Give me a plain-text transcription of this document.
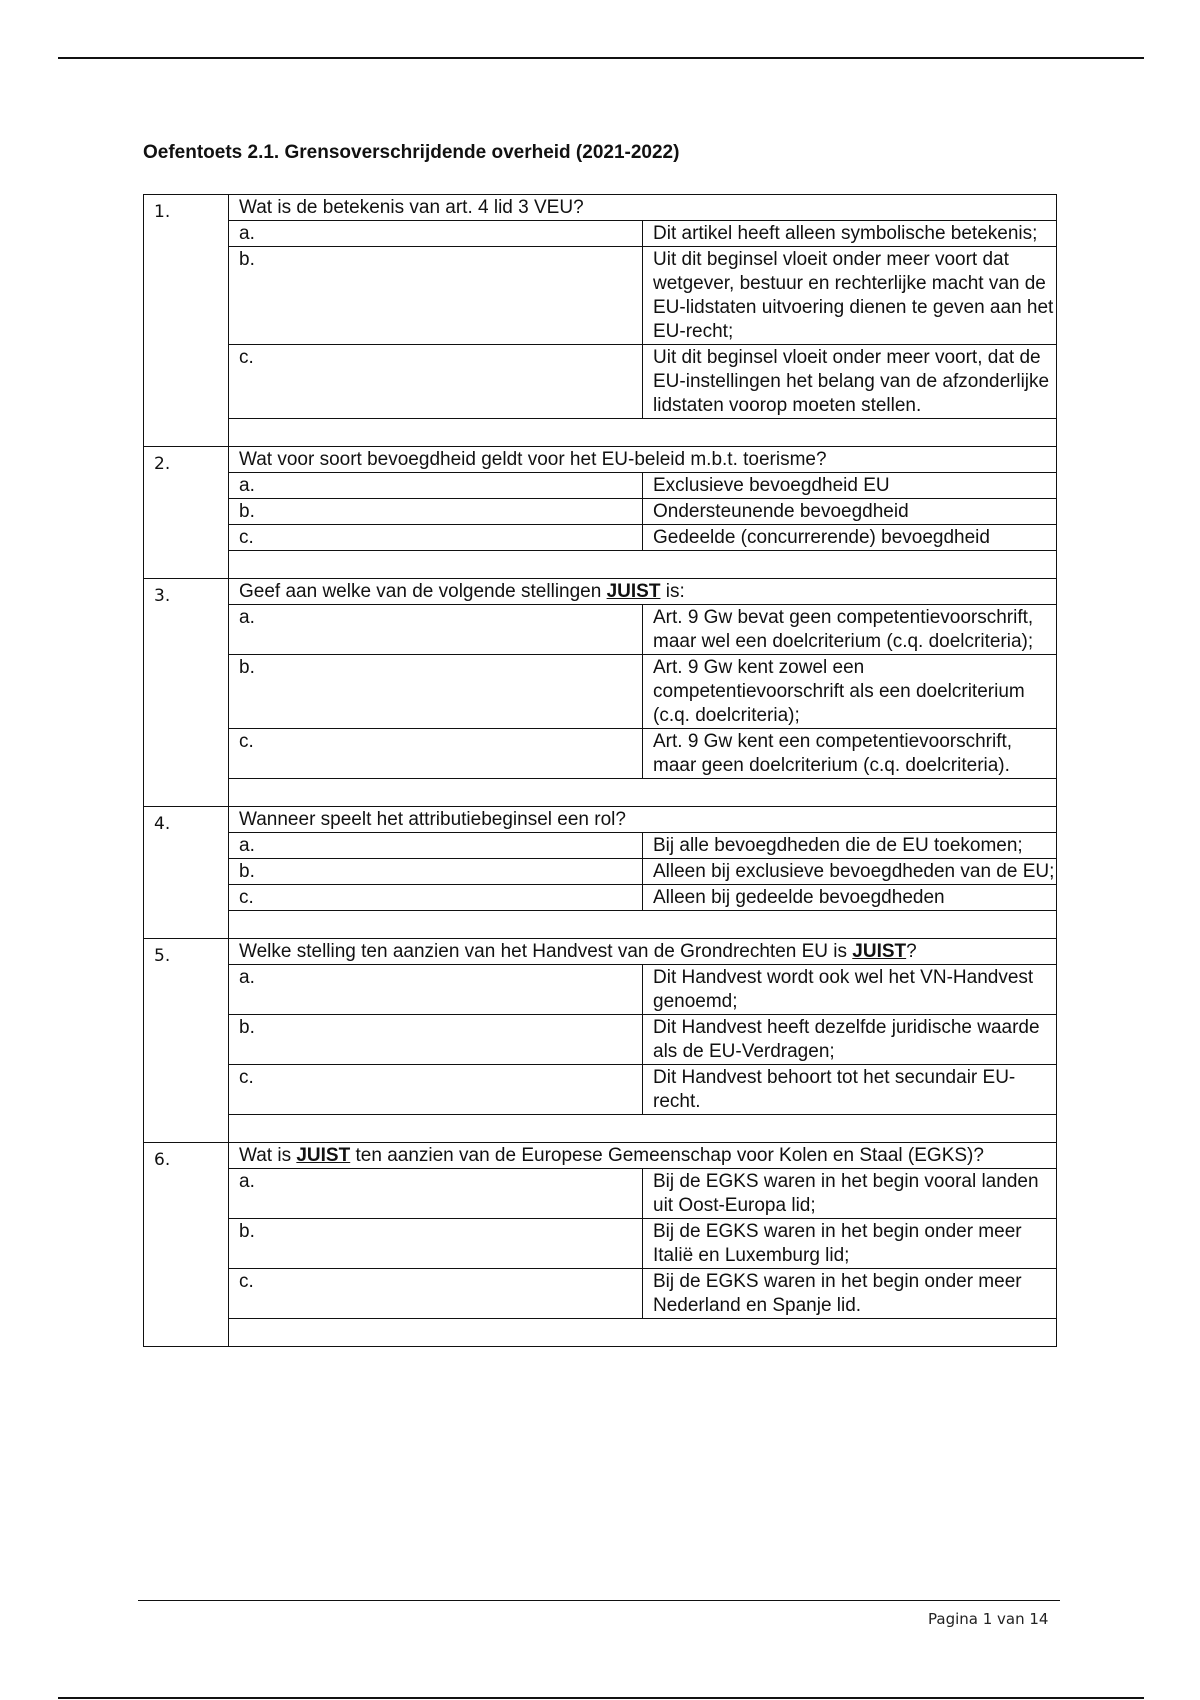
Oefentoets 2.1. Grensoverschrijdende overheid (2021-2022)
1.
		Wat is de betekenis van art. 4 lid 3 VEU?
a.	Dit artikel heeft alleen symbolische betekenis;
b.	Uit dit beginsel vloeit onder meer voort dat wetgever, bestuur en rechterlijke macht van de EU-lidstaten uitvoering dienen te geven aan het EU-recht;
c.	Uit dit beginsel vloeit onder meer voort, dat de EU-instellingen het belang van de afzonderlijke lidstaten voorop moeten stellen.

2.
		Wat voor soort bevoegdheid geldt voor het EU-beleid m.b.t. toerisme?
a.	Exclusieve bevoegdheid EU
b.	Ondersteunende bevoegdheid
c.	Gedeelde (concurrerende) bevoegdheid

3.
		Geef aan welke van de volgende stellingen JUIST is:
a.	Art. 9 Gw bevat geen competentievoorschrift, maar wel een doelcriterium (c.q. doelcriteria);
b.	Art. 9 Gw kent zowel een competentievoorschrift als een doelcriterium (c.q. doelcriteria);
c.	Art. 9 Gw kent een competentievoorschrift, maar geen doelcriterium (c.q. doelcriteria).

4.
		Wanneer speelt het attributiebeginsel een rol?
a.	Bij alle bevoegdheden die de EU toekomen;
b.	Alleen bij exclusieve bevoegdheden van de EU;
c.	Alleen bij gedeelde bevoegdheden

5.
		Welke stelling ten aanzien van het Handvest van de Grondrechten EU is JUIST?
a.	Dit Handvest wordt ook wel het VN-Handvest genoemd;
b.	Dit Handvest heeft dezelfde juridische waarde als de EU-Verdragen;
c.	Dit Handvest behoort tot het secundair EU-recht.

6.
		Wat is JUIST ten aanzien van de Europese Gemeenschap voor Kolen en Staal (EGKS)?
a.	Bij de EGKS waren in het begin vooral landen uit Oost-Europa lid;
b.	Bij de EGKS waren in het begin onder meer Italië en Luxemburg lid;
c.	Bij de EGKS waren in het begin onder meer Nederland en Spanje lid.

Pagina 1 van 14
